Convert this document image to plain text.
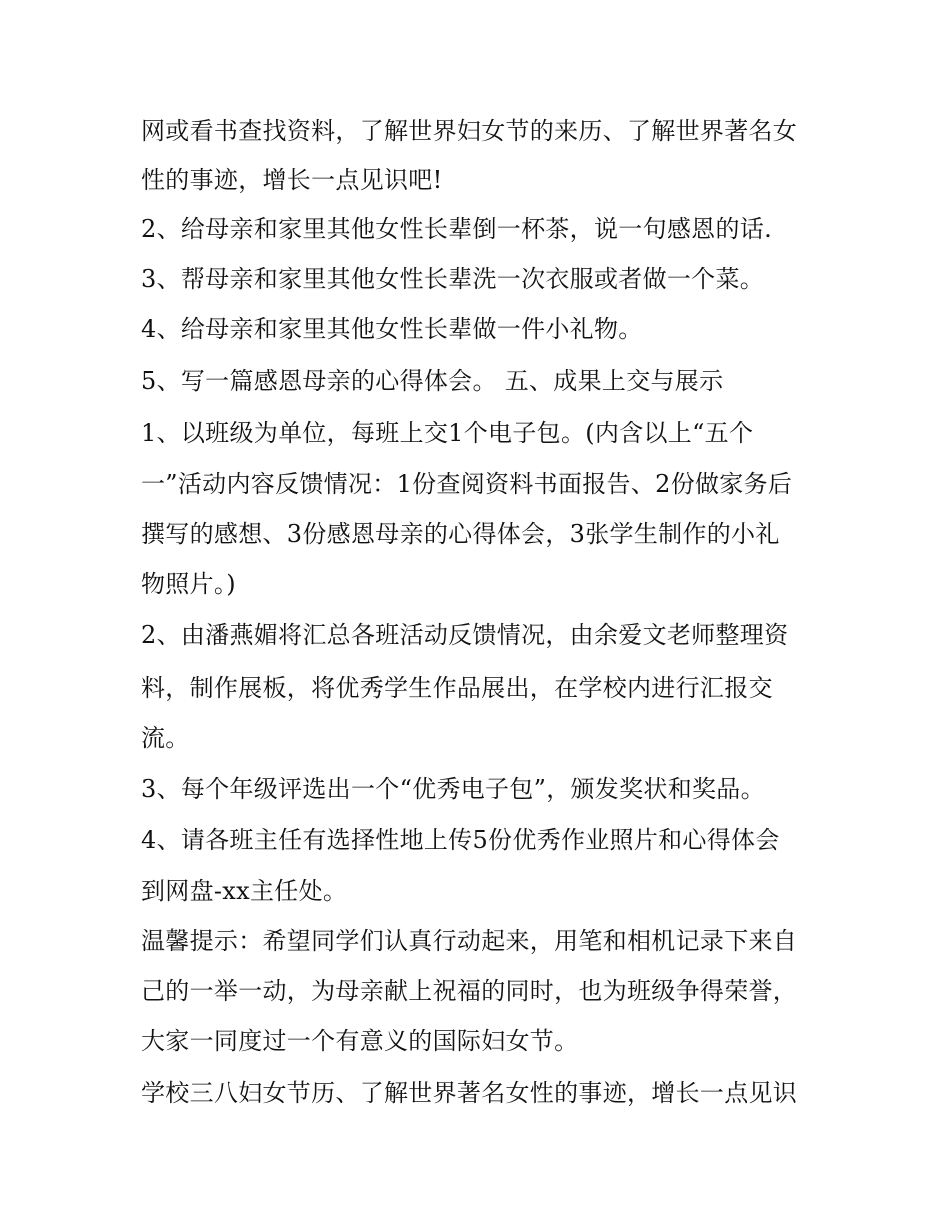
网或看书查找资料，了解世界妇女节的来历、了解世界著名女
性的事迹，增长一点见识吧!
2、给母亲和家里其他女性长辈倒一杯茶，说一句感恩的话.
3、帮母亲和家里其他女性长辈洗一次衣服或者做一个菜。
4、给母亲和家里其他女性长辈做一件小礼物。
5、写一篇感恩母亲的心得体会。 五、成果上交与展示
1、以班级为单位，每班上交1个电子包。(内含以上“五个
一”活动内容反馈情况：1份查阅资料书面报告、2份做家务后
撰写的感想、3份感恩母亲的心得体会，3张学生制作的小礼
物照片。)
2、由潘燕媚将汇总各班活动反馈情况，由余爱文老师整理资
料，制作展板，将优秀学生作品展出，在学校内进行汇报交
流。
3、每个年级评选出一个“优秀电子包”，颁发奖状和奖品。
4、请各班主任有选择性地上传5份优秀作业照片和心得体会
到网盘-xx主任处。
温馨提示：希望同学们认真行动起来，用笔和相机记录下来自
己的一举一动，为母亲献上祝福的同时，也为班级争得荣誉，
大家一同度过一个有意义的国际妇女节。
学校三八妇女节历、了解世界著名女性的事迹，增长一点见识
